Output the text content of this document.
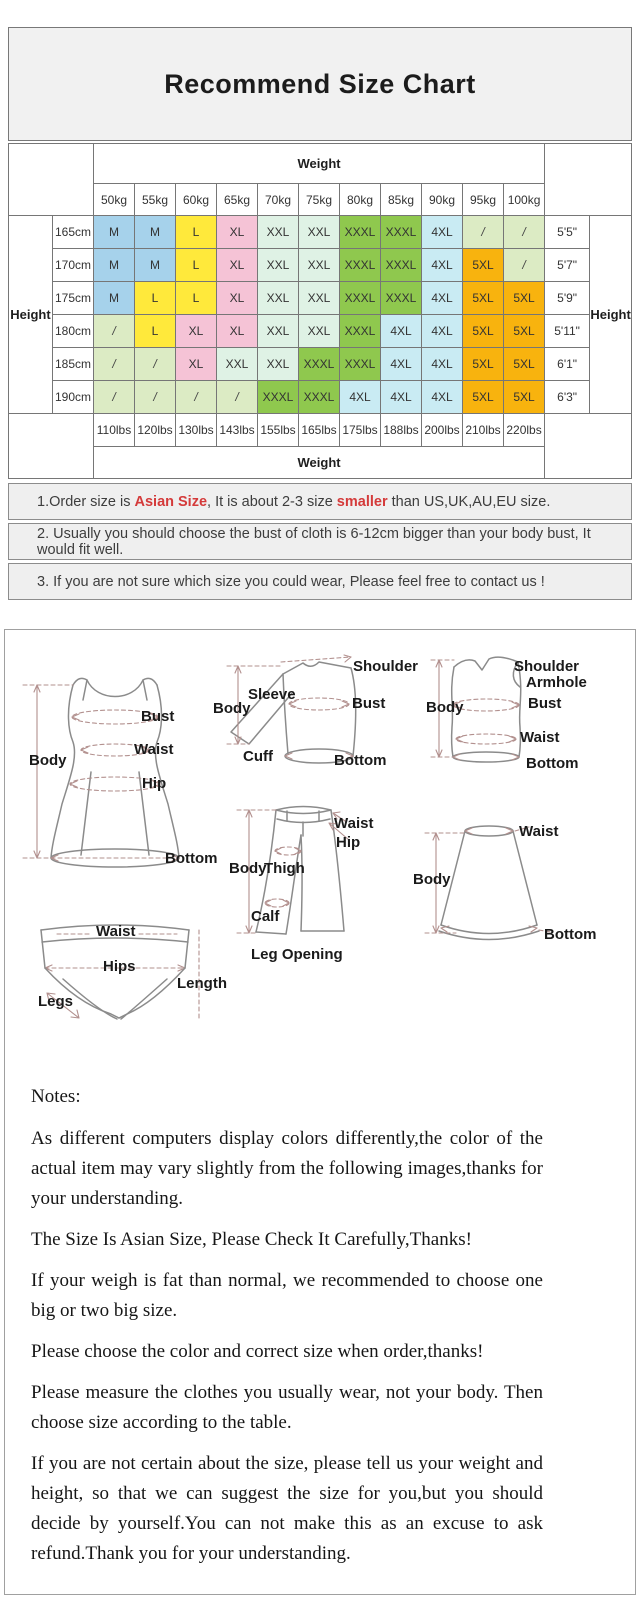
Recommend Size Chart
		Weight												
		50kg	55kg	60kg	65kg	70kg	75kg	80kg	85kg	90kg	95kg	100kg		
Height	165cm	M	M	L	XL	XXL	XXL	XXXL	XXXL	4XL	/	/	5'5"	Height
	170cm	M	M	L	XL	XXL	XXL	XXXL	XXXL	4XL	5XL	/	5'7"	
	175cm	M	L	L	XL	XXL	XXL	XXXL	XXXL	4XL	5XL	5XL	5'9"	
	180cm	/	L	XL	XL	XXL	XXL	XXXL	4XL	4XL	5XL	5XL	5'11"	
	185cm	/	/	XL	XXL	XXL	XXXL	XXXL	4XL	4XL	5XL	5XL	6'1"	
	190cm	/	/	/	/	XXXL	XXXL	4XL	4XL	4XL	5XL	5XL	6'3"	
		110lbs	120lbs	130lbs	143lbs	155lbs	165lbs	175lbs	188lbs	200lbs	210lbs	220lbs		
		Weight												
1.Order size is Asian Size , It is about 2-3 size smaller than US,UK,AU,EU size.
2. Usually you should choose the bust of cloth is 6-12cm bigger than your body bust, It would fit well.
3. If you are not sure which size you could wear, Please feel free to contact us !
Body
Bust
Waist
Hip
Bottom
Shoulder
Sleeve
Body	Bust
Cuff	Bottom
Shoulder
Armhole
Body	Bust
Waist
Bottom
Waist
Hip
Body
Thigh
Calf
Leg Opening
Waist
Body
Bottom
Waist
Hips
Legs
Length

Notes:

As different computers display colors differently,the color of the actual item may vary slightly from the following images,thanks for your understanding.

The Size Is Asian Size, Please Check It Carefully,Thanks!

If your weigh is fat than normal, we recommended to choose one big or two big size.

Please choose the color and correct size when order,thanks!

Please measure the clothes you usually wear, not your body. Then choose size according to the table.

If you are not certain about the size, please tell us your weight and height, so that we can suggest the size for you,but you should decide by yourself.You can not make this as an excuse to ask refund.Thank you for your understanding.
